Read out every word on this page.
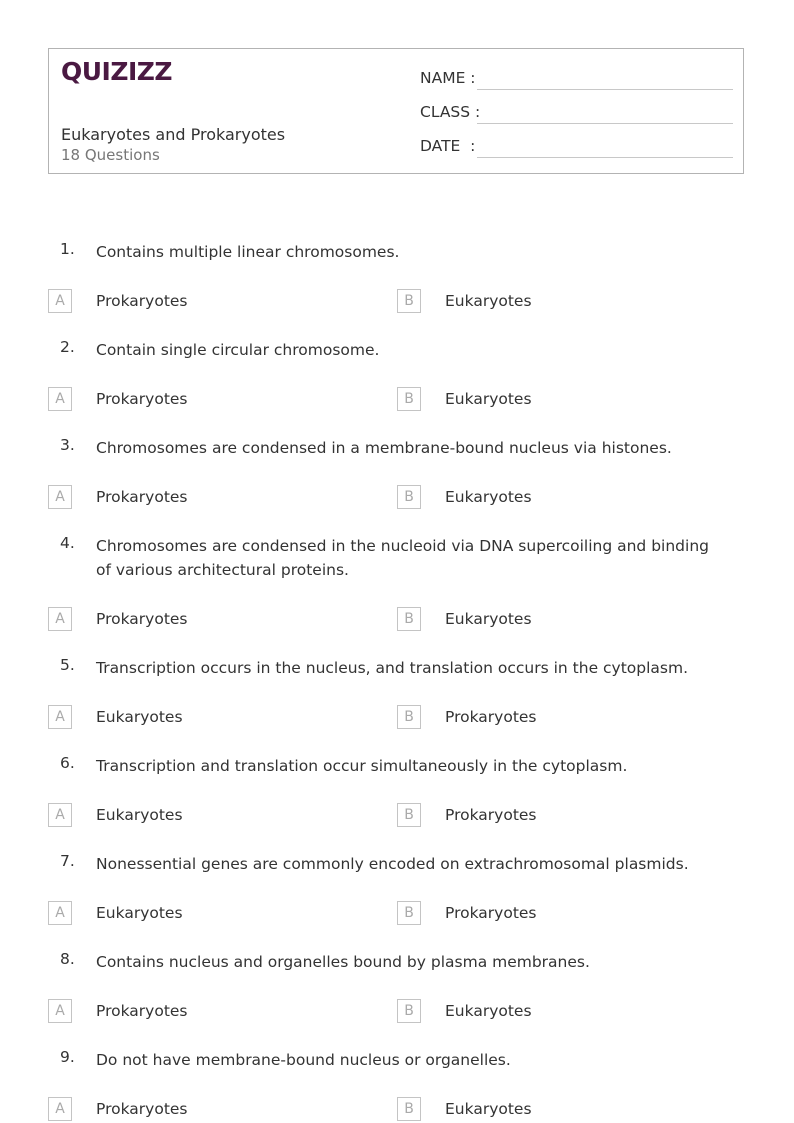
QUIZIZZ
Eukaryotes and Prokaryotes
18 Questions
NAME :
CLASS :
DATE  :
1. Contains multiple linear chromosomes.
A	Prokaryotes	B	Eukaryotes
2. Contain single circular chromosome.
A	Prokaryotes	B	Eukaryotes
3. Chromosomes are condensed in a membrane-bound nucleus via histones.
A	Prokaryotes	B	Eukaryotes
4. Chromosomes are condensed in the nucleoid via DNA supercoiling and binding of various architectural proteins.
A	Prokaryotes	B	Eukaryotes
5. Transcription occurs in the nucleus, and translation occurs in the cytoplasm.
A	Eukaryotes	B	Prokaryotes
6. Transcription and translation occur simultaneously in the cytoplasm.
A	Eukaryotes	B	Prokaryotes
7. Nonessential genes are commonly encoded on extrachromosomal plasmids.
A	Eukaryotes	B	Prokaryotes
8. Contains nucleus and organelles bound by plasma membranes.
A	Prokaryotes	B	Eukaryotes
9. Do not have membrane-bound nucleus or organelles.
A	Prokaryotes	B	Eukaryotes
